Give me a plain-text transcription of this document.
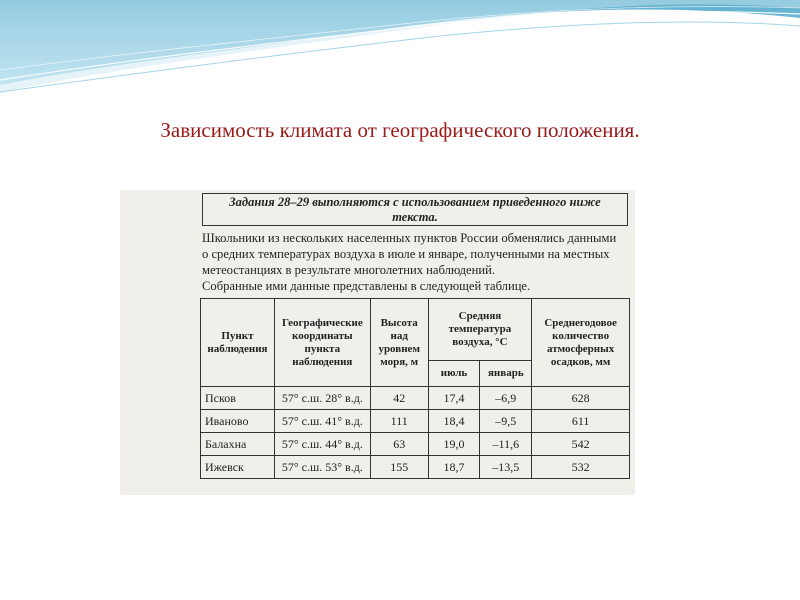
Зависимость климата от географического положения.
Задания 28–29 выполняются с использованием приведенного ниже
текста.
Школьники из нескольких населенных пунктов России обменялись данными
о средних температурах воздуха в июле и январе, полученными на местных
метеостанциях в результате многолетних наблюдений.
Собранные ими данные представлены в следующей таблице.
Пункт наблюдения	Географические координаты пункта наблюдения	Высота над уровнем моря, м	Средняя температура воздуха, °С		Среднегодовое количество атмосферных осадков, мм
			июль	январь	
Псков	57° с.ш. 28° в.д.	42	17,4	–6,9	628
Иваново	57° с.ш. 41° в.д.	111	18,4	–9,5	611
Балахна	57° с.ш. 44° в.д.	63	19,0	–11,6	542
Ижевск	57° с.ш. 53° в.д.	155	18,7	–13,5	532
